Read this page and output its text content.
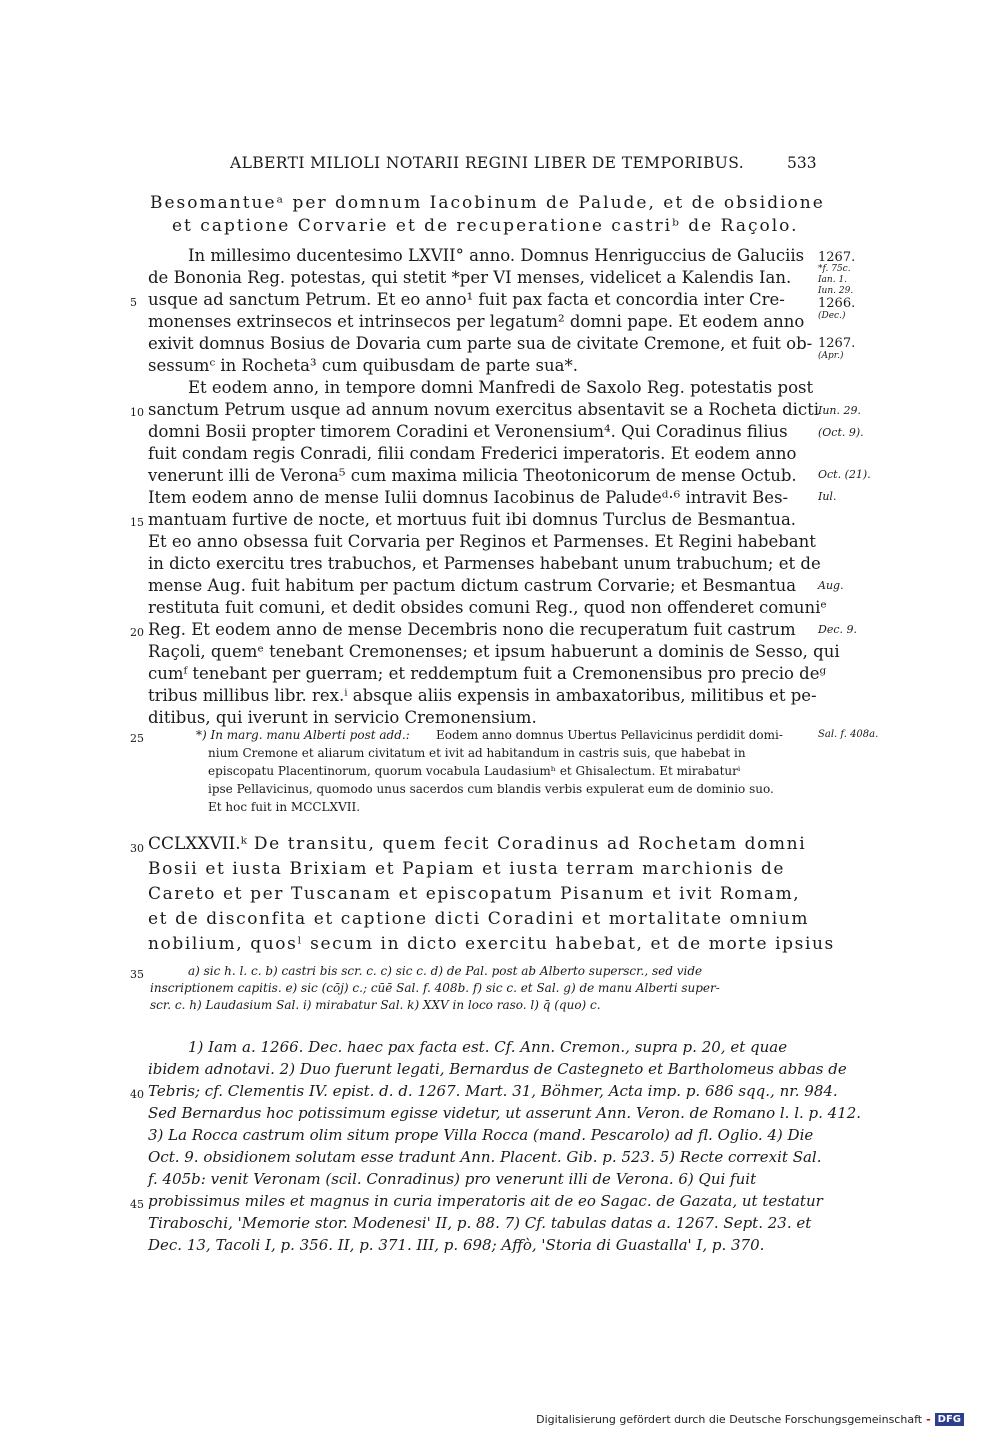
ALBERTI MILIOLI NOTARII REGINI LIBER DE TEMPORIBUS.	533
Besomantueᵃ per domnum Iacobinum de Palude, et de obsidione
et captione Corvarie et de recuperatione castriᵇ de Raçolo.
In millesimo ducentesimo LXVII° anno. Domnus Henriguccius de Galuciis
de Bononia Reg. potestas, qui stetit *per VI menses, videlicet a Kalendis Ian.
usque ad sanctum Petrum. Et eo anno¹ fuit pax facta et concordia inter Cre-
monenses extrinsecos et intrinsecos per legatum² domni pape. Et eodem anno
exivit domnus Bosius de Dovaria cum parte sua de civitate Cremone, et fuit ob-
sessumᶜ in Rocheta³ cum quibusdam de parte sua*.
Et eodem anno, in tempore domni Manfredi de Saxolo Reg. potestatis post
sanctum Petrum usque ad annum novum exercitus absentavit se a Rocheta dicti
domni Bosii propter timorem Coradini et Veronensium⁴. Qui Coradinus filius
fuit condam regis Conradi, filii condam Frederici imperatoris. Et eodem anno
venerunt illi de Verona⁵ cum maxima milicia Theotonicorum de mense Octub.
Item eodem anno de mense Iulii domnus Iacobinus de Paludeᵈ·⁶ intravit Bes-
mantuam furtive de nocte, et mortuus fuit ibi domnus Turclus de Besmantua.
Et eo anno obsessa fuit Corvaria per Reginos et Parmenses. Et Regini habebant
in dicto exercitu tres trabuchos, et Parmenses habebant unum trabuchum; et de
mense Aug. fuit habitum per pactum dictum castrum Corvarie; et Besmantua
restituta fuit comuni, et dedit obsides comuni Reg., quod non offenderet comuniᵉ
Reg. Et eodem anno de mense Decembris nono die recuperatum fuit castrum
Raçoli, quemᵉ tenebant Cremonenses; et ipsum habuerunt a dominis de Sesso, qui
cumᶠ tenebant per guerram; et reddemptum fuit a Cremonensibus pro precio deᵍ
tribus millibus libr. rex.ⁱ absque aliis expensis in ambaxatoribus, militibus et pe-
ditibus, qui iverunt in servicio Cremonensium.
5
10
15
20
25
30
35
40
45
1267.
*f. 75c.
Ian. 1.
Iun. 29.
1266.
(Dec.)
1267.
(Apr.)
Iun. 29.
(Oct. 9).
Oct. (21).
Iul.
Aug.
Dec. 9.
Sal. f. 408a.
*) In marg. manu Alberti post add.: Eodem anno domnus Ubertus Pellavicinus perdidit domi-
nium Cremone et aliarum civitatum et ivit ad habitandum in castris suis, que habebat in
episcopatu Placentinorum, quorum vocabula Laudasiumʰ et Ghisalectum. Et mirabaturⁱ
ipse Pellavicinus, quomodo unus sacerdos cum blandis verbis expulerat eum de dominio suo.
Et hoc fuit in MCCLXVII.
CCLXXVII.ᵏ De transitu, quem fecit Coradinus ad Rochetam domni
Bosii et iusta Brixiam et Papiam et iusta terram marchionis de
Careto et per Tuscanam et episcopatum Pisanum et ivit Romam,
et de disconfita et captione dicti Coradini et mortalitate omnium
nobilium, quosˡ secum in dicto exercitu habebat, et de morte ipsius
a) sic h. l. c. b) castri bis scr. c. c) sic c. d) de Pal. post ab Alberto superscr., sed vide
inscriptionem capitis. e) sic (cōj) c.; cūē Sal. f. 408b. f) sic c. et Sal. g) de manu Alberti super-
scr. c. h) Laudasium Sal. i) mirabatur Sal. k) XXV in loco raso. l) q̄ (quo) c.
1) Iam a. 1266. Dec. haec pax facta est. Cf. Ann. Cremon., supra p. 20, et quae
ibidem adnotavi. 2) Duo fuerunt legati, Bernardus de Castegneto et Bartholomeus abbas de
Tebris; cf. Clementis IV. epist. d. d. 1267. Mart. 31, Böhmer, Acta imp. p. 686 sqq., nr. 984.
Sed Bernardus hoc potissimum egisse videtur, ut asserunt Ann. Veron. de Romano l. l. p. 412.
3) La Rocca castrum olim situm prope Villa Rocca (mand. Pescarolo) ad fl. Oglio. 4) Die
Oct. 9. obsidionem solutam esse tradunt Ann. Placent. Gib. p. 523. 5) Recte correxit Sal.
f. 405b: venit Veronam (scil. Conradinus) pro venerunt illi de Verona. 6) Qui fuit
probissimus miles et magnus in curia imperatoris ait de eo Sagac. de Gazata, ut testatur
Tiraboschi, 'Memorie stor. Modenesi' II, p. 88. 7) Cf. tabulas datas a. 1267. Sept. 23. et
Dec. 13, Tacoli I, p. 356. II, p. 371. III, p. 698; Affò, 'Storia di Guastalla' I, p. 370.
Digitalisierung gefördert durch die Deutsche Forschungsgemeinschaft - DFG
